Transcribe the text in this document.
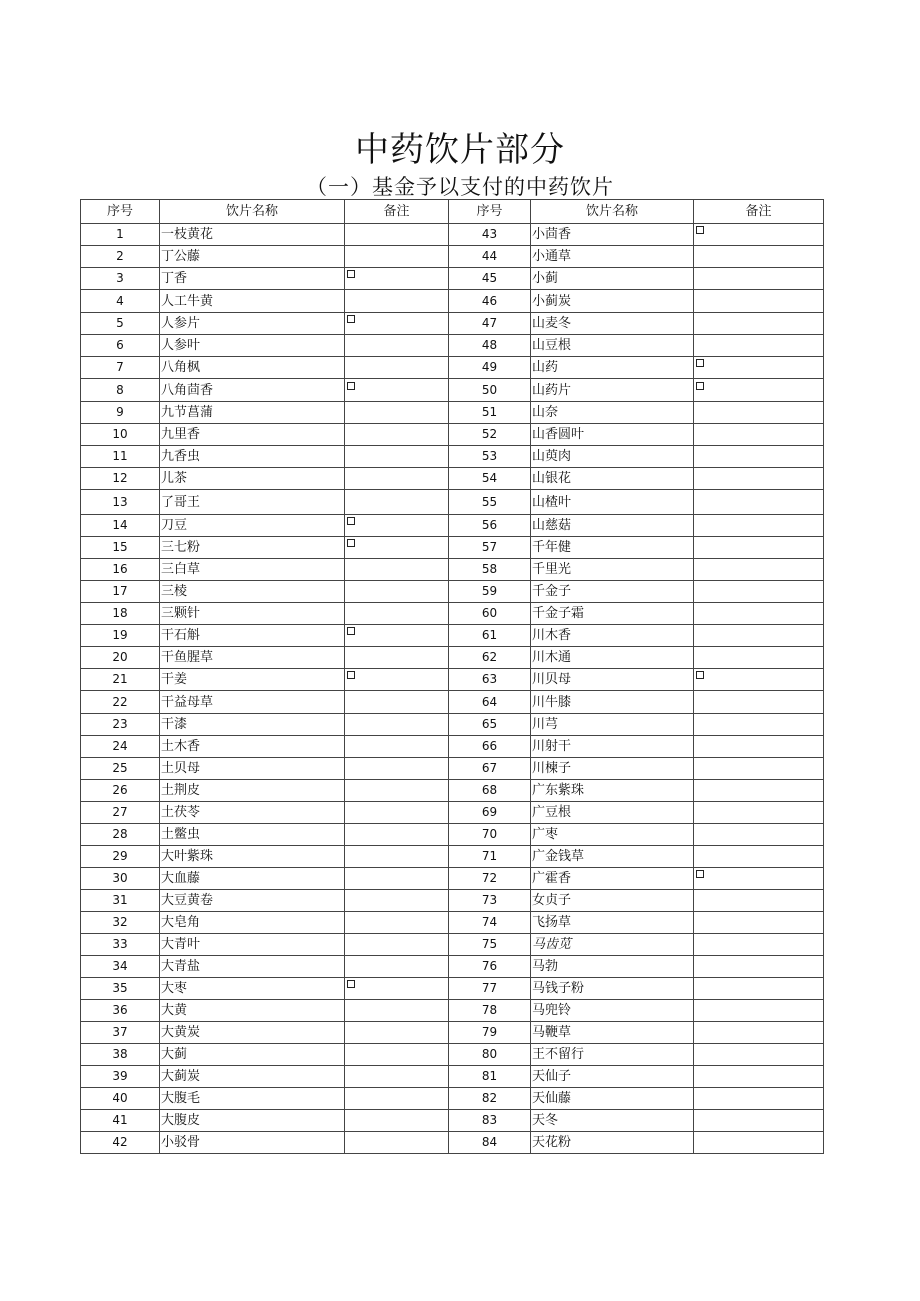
中药饮片部分
（一）基金予以支付的中药饮片
序号	饮片名称	备注	序号	饮片名称	备注
1	一枝黄花		43	小茴香	
2	丁公藤		44	小通草	
3	丁香		45	小蓟	
4	人工牛黄		46	小蓟炭	
5	人参片		47	山麦冬	
6	人参叶		48	山豆根	
7	八角枫		49	山药	
8	八角茴香		50	山药片	
9	九节菖蒲		51	山奈	
10	九里香		52	山香圆叶	
11	九香虫		53	山萸肉	
12	儿茶		54	山银花	
13	了哥王		55	山楂叶	
14	刀豆		56	山慈菇	
15	三七粉		57	千年健	
16	三白草		58	千里光	
17	三棱		59	千金子	
18	三颗针		60	千金子霜	
19	干石斛		61	川木香	
20	干鱼腥草		62	川木通	
21	干姜		63	川贝母	
22	干益母草		64	川牛膝	
23	干漆		65	川芎	
24	土木香		66	川射干	
25	土贝母		67	川楝子	
26	土荆皮		68	广东紫珠	
27	土茯苓		69	广豆根	
28	土鳖虫		70	广枣	
29	大叶紫珠		71	广金钱草	
30	大血藤		72	广霍香	
31	大豆黄卷		73	女贞子	
32	大皂角		74	飞扬草	
33	大青叶		75	马齿苋	
34	大青盐		76	马勃	
35	大枣		77	马钱子粉	
36	大黄		78	马兜铃	
37	大黄炭		79	马鞭草	
38	大蓟		80	王不留行	
39	大蓟炭		81	天仙子	
40	大腹毛		82	天仙藤	
41	大腹皮		83	天冬	
42	小驳骨		84	天花粉	
